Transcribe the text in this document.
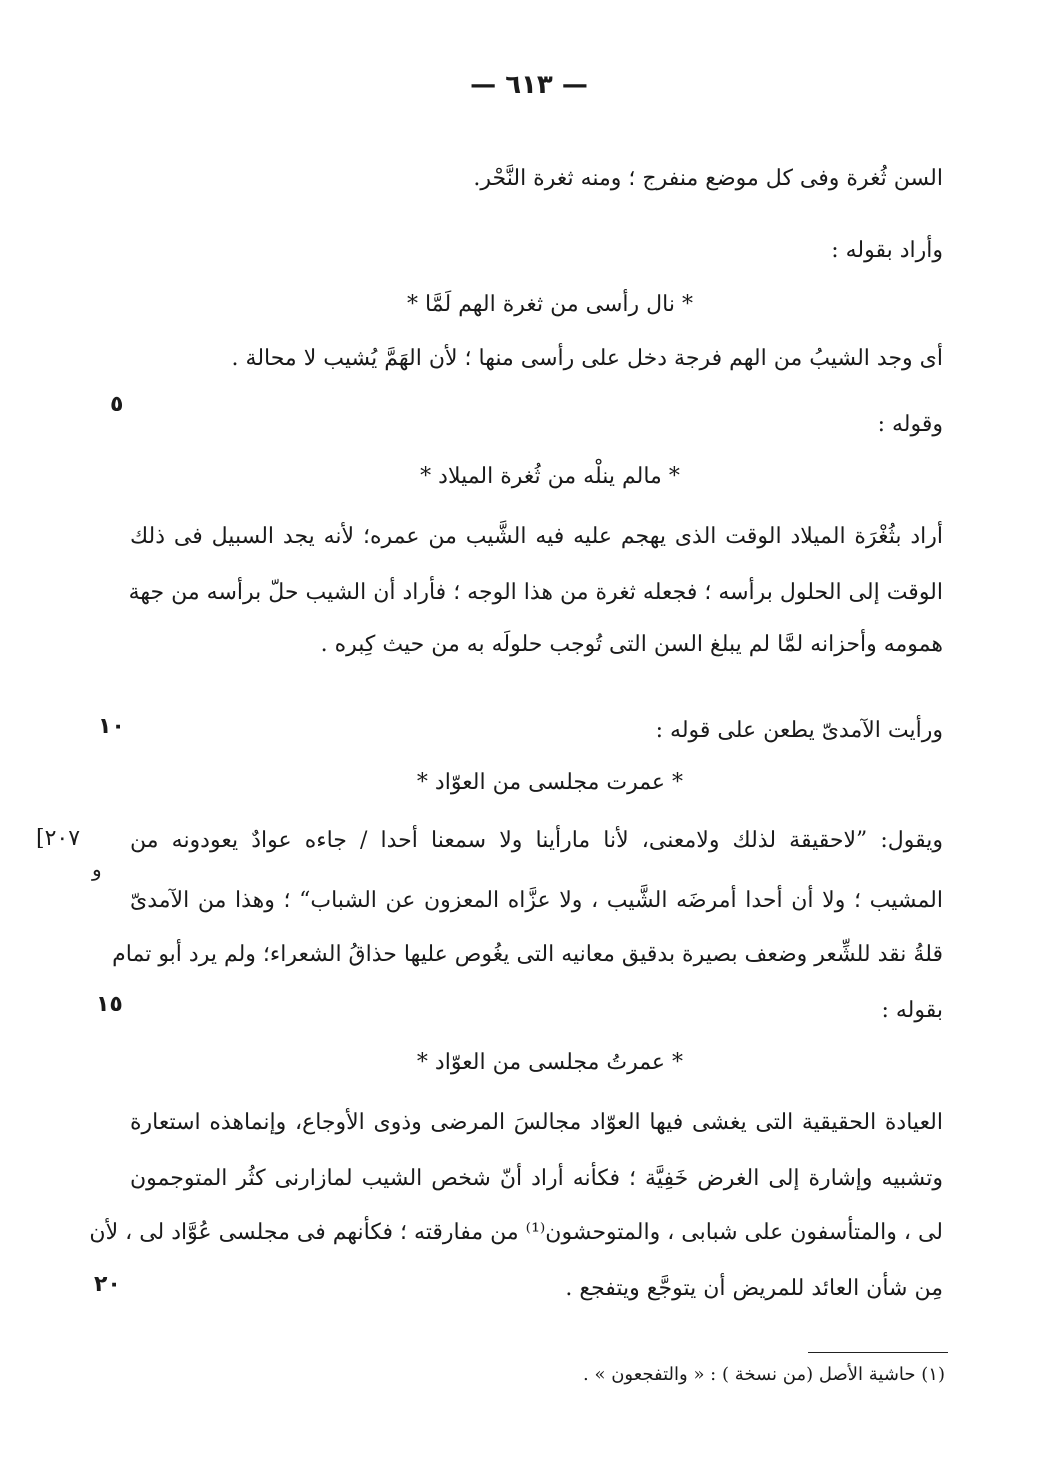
— ٦١٣ —
السن ثُغرة وفى كل موضع منفرج ؛ ومنه ثغرة النَّحْر.
وأراد بقوله :
* نال رأسى من ثغرة الهم لَمَّا *
أى وجد الشيبُ من الهم فرجة دخل على رأسى منها ؛ لأن الهَمَّ يُشيب لا محالة .
وقوله :
* مالم ينلْه من ثُغرة الميلاد *
أراد بثُغْرَة الميلاد الوقت الذى يهجم عليه فيه الشَّيب من عمره؛ لأنه يجد السبيل فى ذلك
الوقت إلى الحلول برأسه ؛ فجعله ثغرة من هذا الوجه ؛ فأراد أن الشيب حلّ برأسه من جهة
همومه وأحزانه لمَّا لم يبلغ السن التى تُوجب حلولَه به من حيث كِبره .
ورأيت الآمدىّ يطعن على قوله :
* عمرت مجلسى من العوّاد *
ويقول: ”لاحقيقة لذلك ولامعنى، لأنا مارأينا ولا سمعنا أحدا / جاءه عوادٌ يعودونه من
المشيب ؛ ولا أن أحدا أمرضَه الشَّيب ، ولا عزَّاه المعزون عن الشباب“ ؛ وهذا من الآمدىّ
قلةُ نقد للشِّعر وضعف بصيرة بدقيق معانيه التى يغُوص عليها حذاقُ الشعراء؛ ولم يرد أبو تمام
بقوله :
* عمرتُ مجلسى من العوّاد *
العيادة الحقيقية التى يغشى فيها العوّاد مجالسَ المرضى وذوى الأوجاع، وإنماهذه استعارة
وتشبيه وإشارة إلى الغرض خَفِيَّة ؛ فكأنه أراد أنّ شخص الشيب لمازارنى كثُر المتوجمون
لى ، والمتأسفون على شبابى ، والمتوحشون⁽¹⁾ من مفارقته ؛ فكأنهم فى مجلسى عُوَّاد لى ، لأن
مِن شأن العائد للمريض أن يتوجَّع ويتفجع .
٥
١٠
١٥
٢٠
٢٠٧]
و
(١) حاشية الأصل (من نسخة ) : « والتفجعون » .
